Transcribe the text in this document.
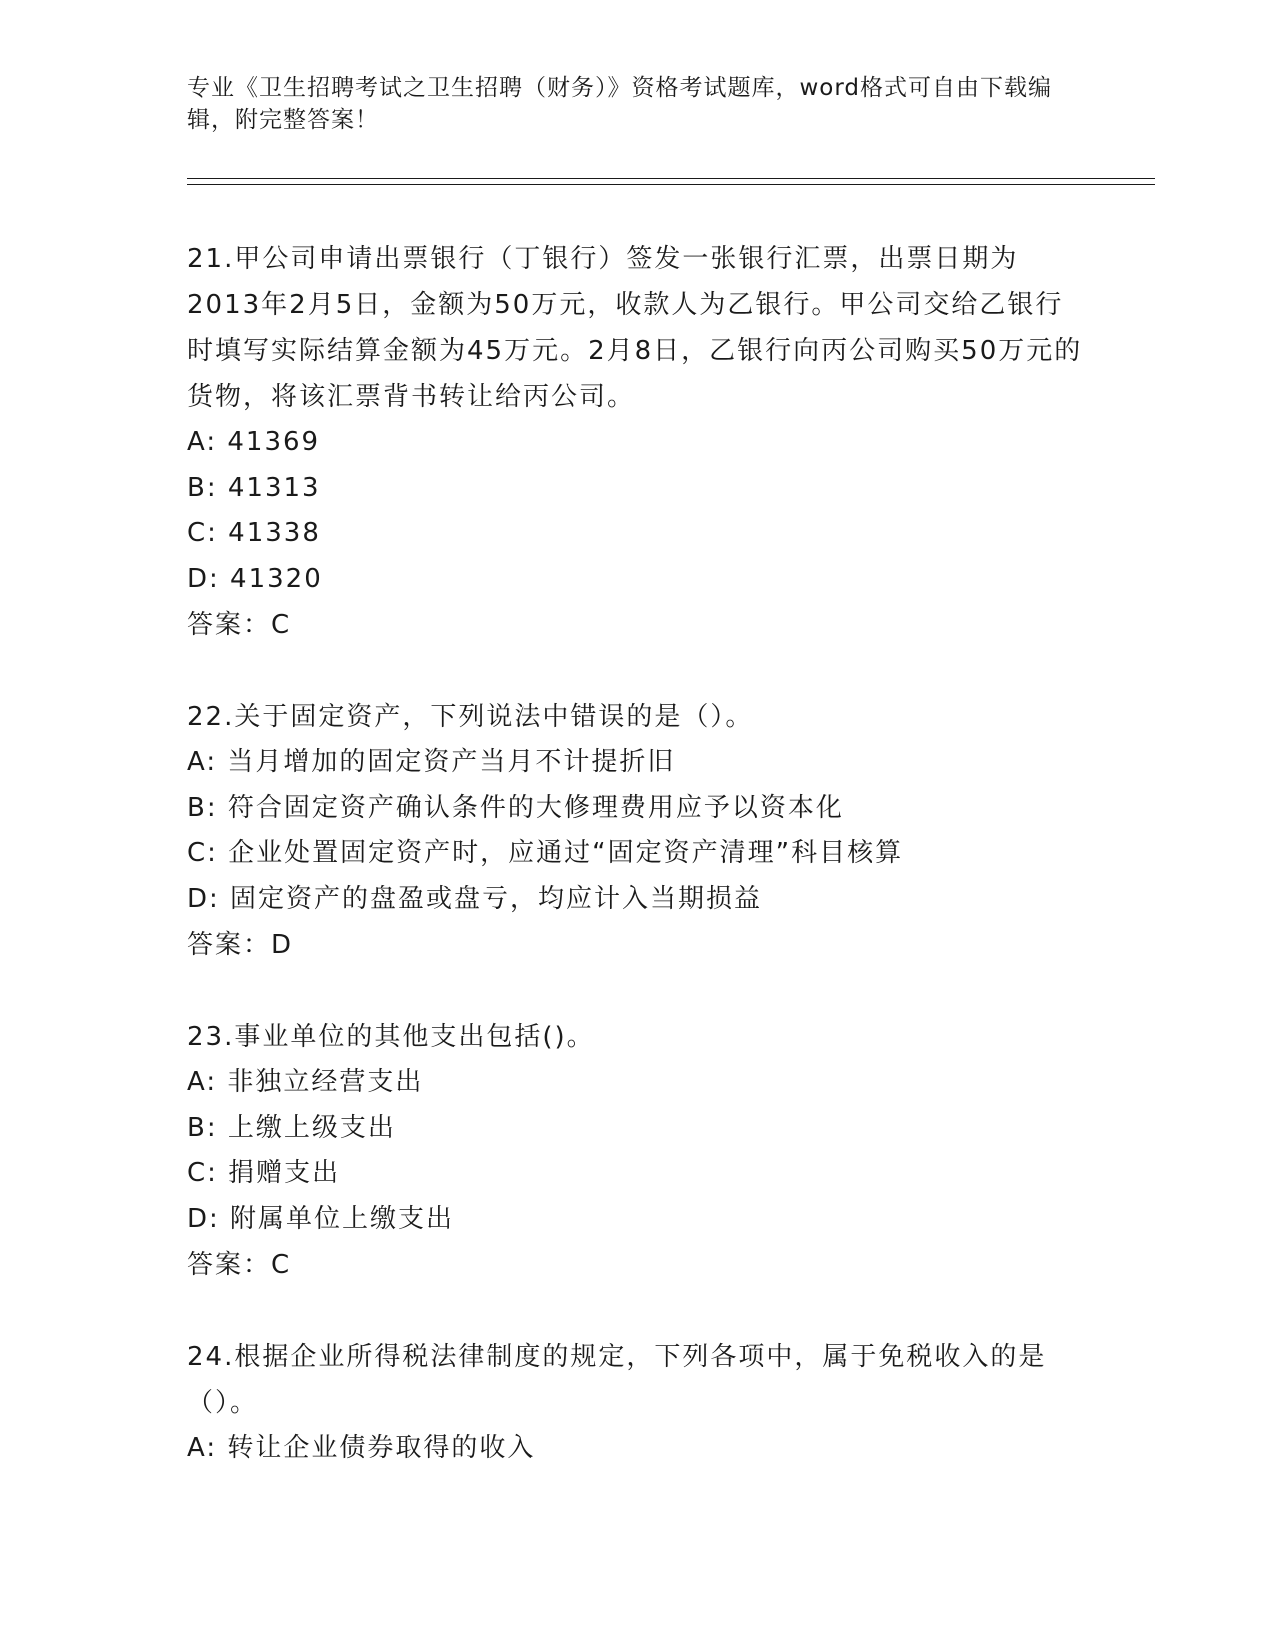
专业《卫生招聘考试之卫生招聘（财务）》资格考试题库，word格式可自由下载编辑，附完整答案！
21.甲公司申请出票银行（丁银行）签发一张银行汇票，出票日期为2013年2月5日，金额为50万元，收款人为乙银行。甲公司交给乙银行时填写实际结算金额为45万元。2月8日，乙银行向丙公司购买50万元的货物，将该汇票背书转让给丙公司。
A: 41369
B: 41313
C: 41338
D: 41320
答案：C
22.关于固定资产，下列说法中错误的是（）。
A: 当月增加的固定资产当月不计提折旧
B: 符合固定资产确认条件的大修理费用应予以资本化
C: 企业处置固定资产时，应通过“固定资产清理”科目核算
D: 固定资产的盘盈或盘亏，均应计入当期损益
答案：D
23.事业单位的其他支出包括()。
A: 非独立经营支出
B: 上缴上级支出
C: 捐赠支出
D: 附属单位上缴支出
答案：C
24.根据企业所得税法律制度的规定，下列各项中，属于免税收入的是（）。
A: 转让企业债券取得的收入
